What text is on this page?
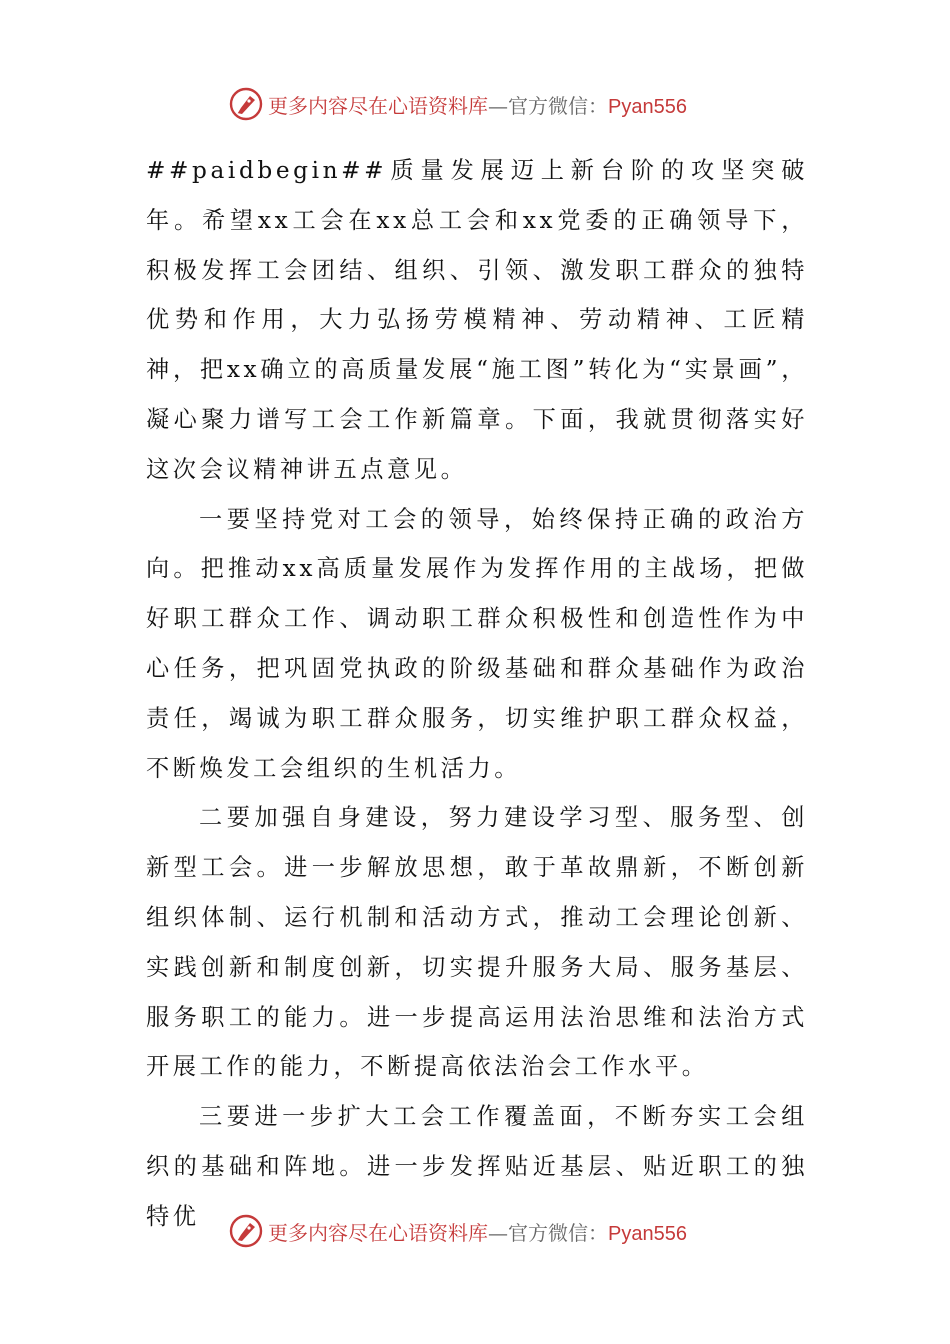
更多内容尽在心语资料库—官方微信：Pyan556

##paidbegin##质量发展迈上新台阶的攻坚突破年。希望xx工会在xx总工会和xx党委的正确领导下，积极发挥工会团结、组织、引领、激发职工群众的独特优势和作用，大力弘扬劳模精神、劳动精神、工匠精神，把xx确立的高质量发展“施工图”转化为“实景画”，凝心聚力谱写工会工作新篇章。下面，我就贯彻落实好这次会议精神讲五点意见。

一要坚持党对工会的领导，始终保持正确的政治方向。把推动xx高质量发展作为发挥作用的主战场，把做好职工群众工作、调动职工群众积极性和创造性作为中心任务，把巩固党执政的阶级基础和群众基础作为政治责任，竭诚为职工群众服务，切实维护职工群众权益，不断焕发工会组织的生机活力。

二要加强自身建设，努力建设学习型、服务型、创新型工会。进一步解放思想，敢于革故鼎新，不断创新组织体制、运行机制和活动方式，推动工会理论创新、实践创新和制度创新，切实提升服务大局、服务基层、服务职工的能力。进一步提高运用法治思维和法治方式开展工作的能力，不断提高依法治会工作水平。

三要进一步扩大工会工作覆盖面，不断夯实工会组织的基础和阵地。进一步发挥贴近基层、贴近职工的独特优

更多内容尽在心语资料库—官方微信：Pyan556
